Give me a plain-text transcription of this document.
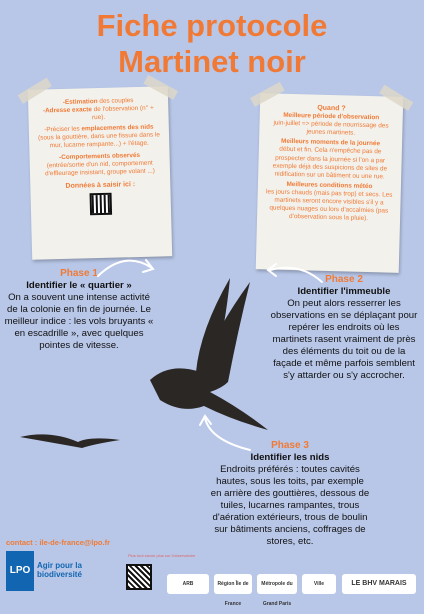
Fiche protocole
Martinet noir
-Estimation des couples
-Adresse exacte de l'observation (n° + rue).
-Préciser les emplacements des nids (sous la gouttière, dans une fissure dans le mur, lucarne rampante...) + l'étage.
-Comportements observés
(entrée/sortie d'un nid, comportement d'effleurage insistant, groupe volant ...)
Données à saisir ici :
Quand ?
Meilleure période d'observation
juin-juillet => période de nourrissage des jeunes martinets.
Meilleurs moments de la journée
début et fin. Cela n'empêche pas de prospecter dans la journée si l'on a par exemple déjà des suspicions de sites de nidification sur un bâtiment ou une rue.
Meilleures conditions météo
les jours chauds (mais pas trop) et secs. Les martinets seront encore visibles s'il y a quelques nuages ou lors d'accalmies (pas d'observation sous la pluie).
Phase 1
Identifier le « quartier »
On a souvent une intense activité de la colonie en fin de journée. Le meilleur indice : les vols bruyants « en escadrille », avec quelques pointes de vitesse.
Phase 2
Identifier l'immeuble
On peut alors resserrer les observations en se déplaçant pour repérer les endroits où les martinets rasent vraiment de près des éléments du toit ou de la façade et même parfois semblent s'y attarder ou s'y accrocher.
Phase 3
Identifier les nids
Endroits préférés : toutes cavités hautes, sous les toits, par exemple en arrière des gouttières, dessous de tuiles, lucarnes rampantes, trous d'aération extérieurs, trous de boulin sur bâtiments anciens, coffrages de stores, etc.
contact : ile-de-france@lpo.fr
LPO Agir pour la biodiversité
Plus tout savoir plus sur l'observatoire
ARB	Région Île de France
Métropole du Grand Paris
Ville	LE BHV MARAIS
